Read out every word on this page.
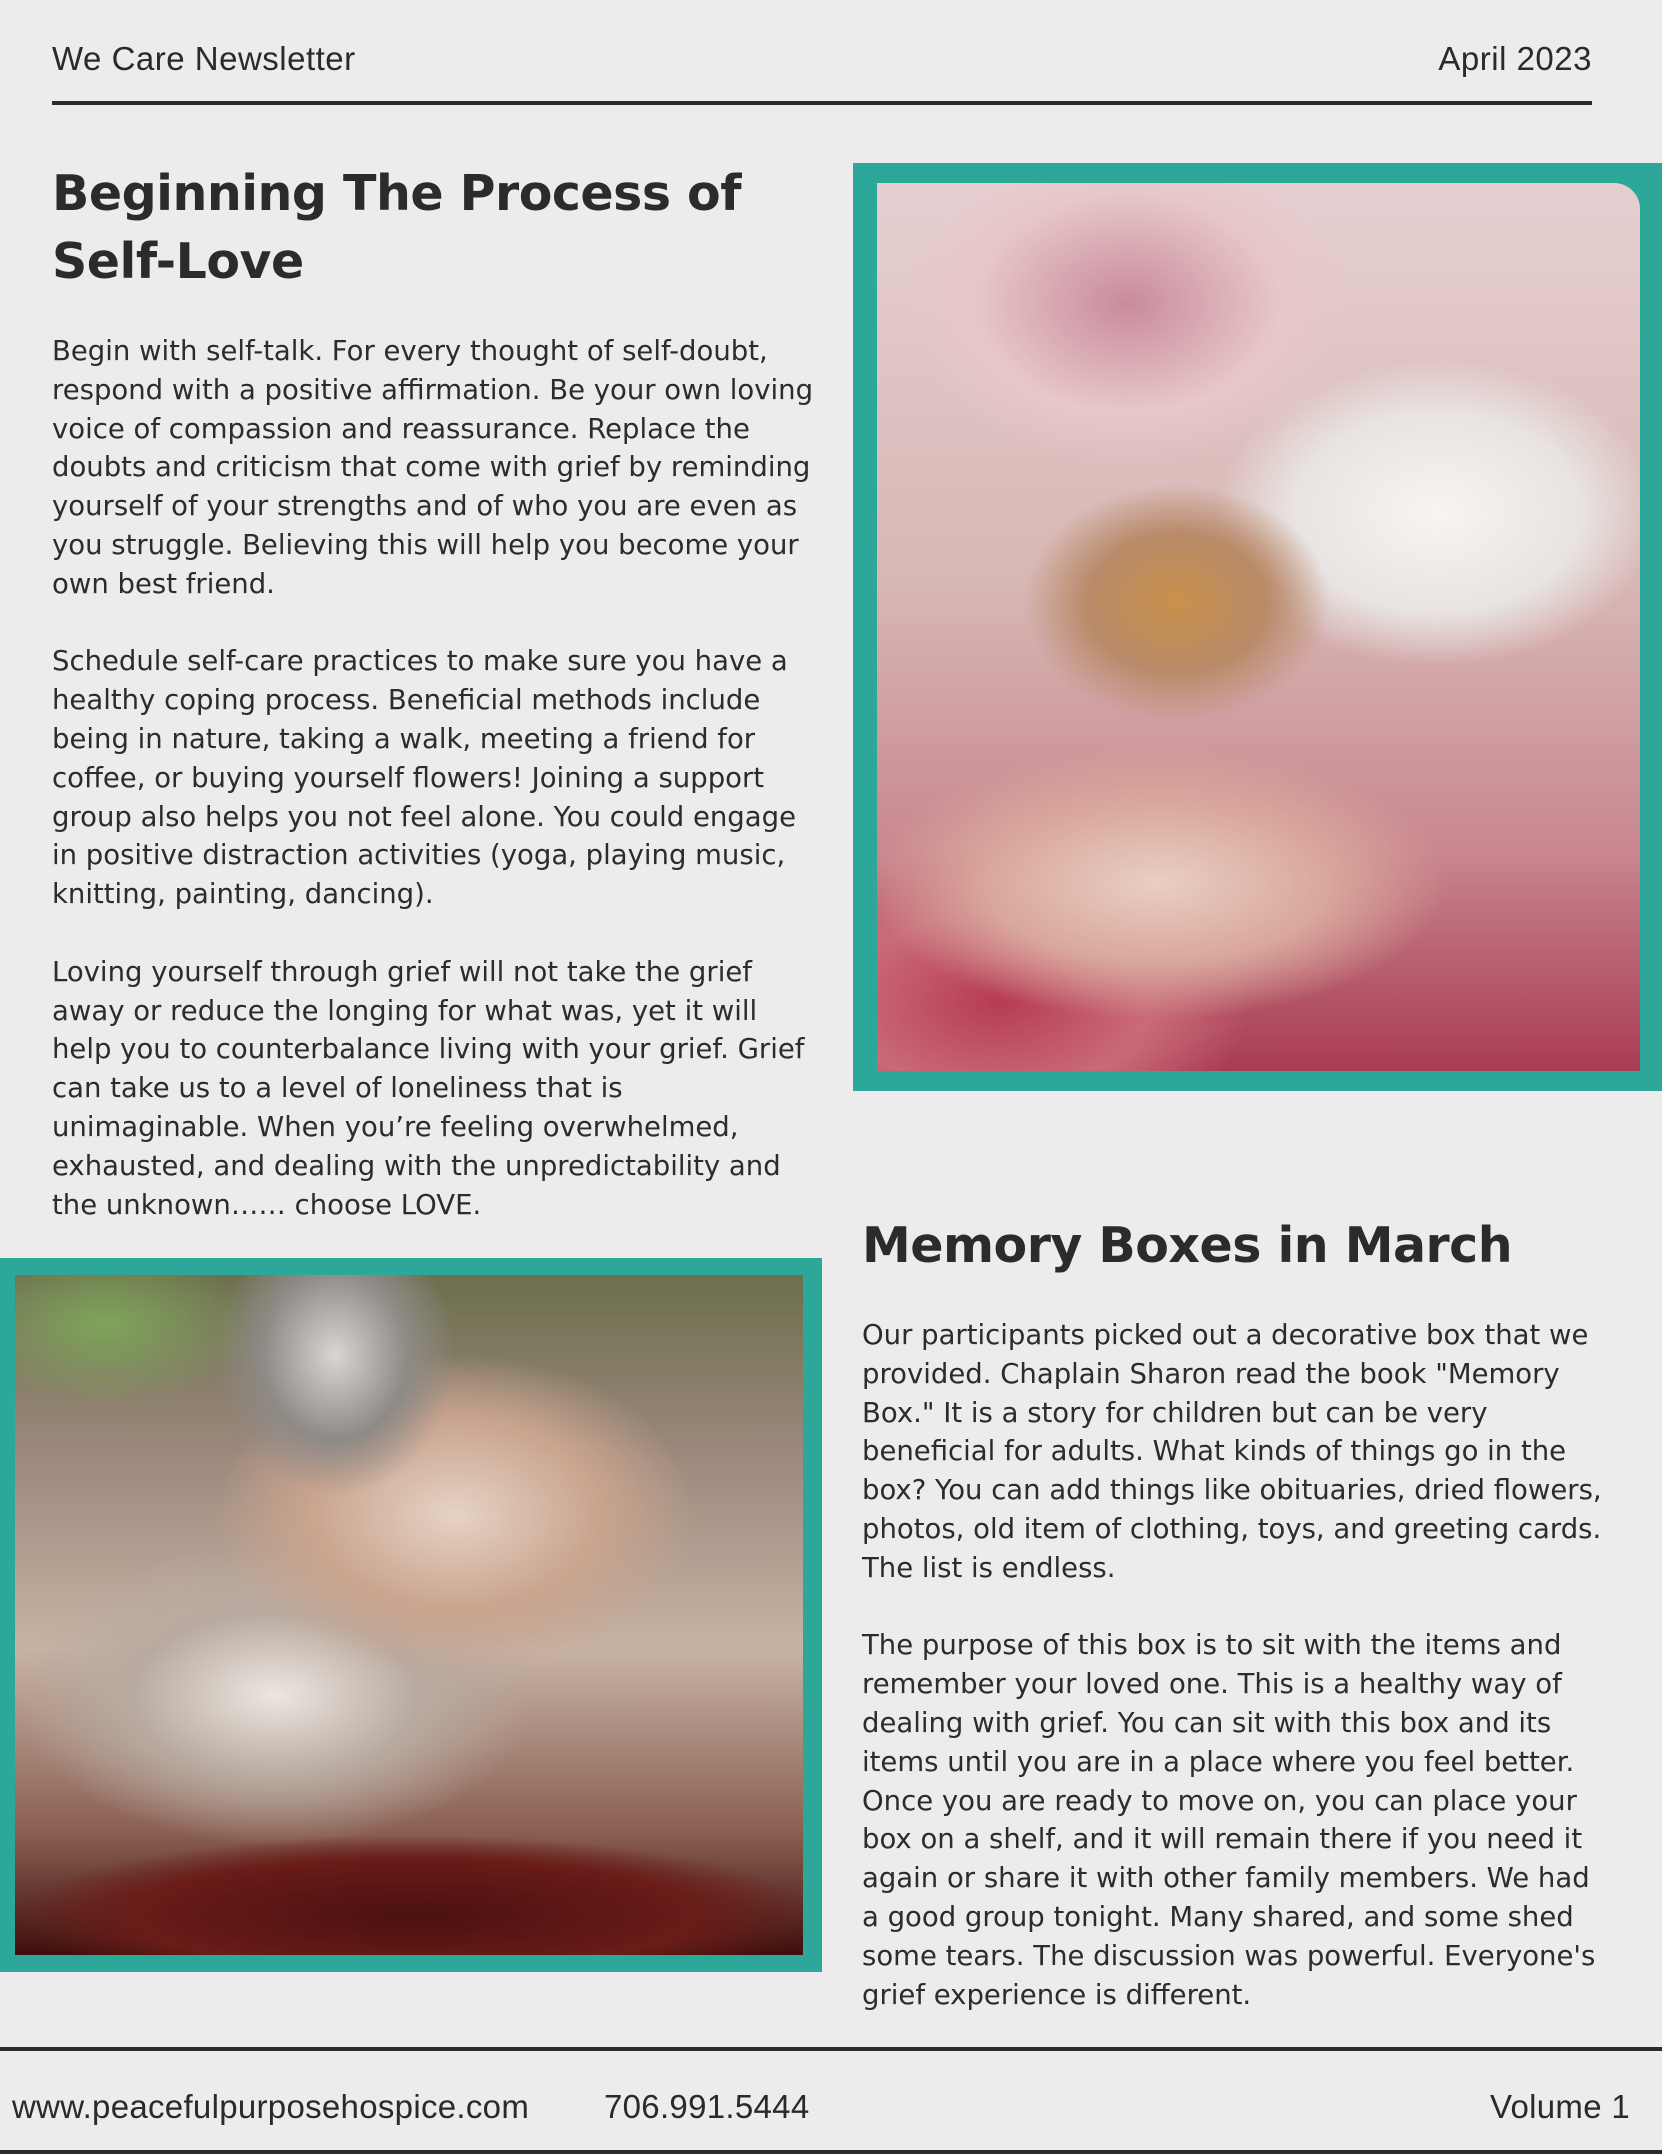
We Care Newsletter	April 2023
Beginning The Process of Self-Love

Begin with self-talk. For every thought of self-doubt, respond with a positive affirmation. Be your own loving voice of compassion and reassurance. Replace the doubts and criticism that come with grief by reminding yourself of your strengths and of who you are even as you struggle. Believing this will help you become your own best friend.

Schedule self-care practices to make sure you have a healthy coping process. Beneficial methods include being in nature, taking a walk, meeting a friend for coffee, or buying yourself flowers! Joining a support group also helps you not feel alone. You could engage in positive distraction activities (yoga, playing music, knitting, painting, dancing).

Loving yourself through grief will not take the grief away or reduce the longing for what was, yet it will help you to counterbalance living with your grief. Grief can take us to a level of loneliness that is unimaginable. When you’re feeling overwhelmed, exhausted, and dealing with the unpredictability and the unknown…… choose LOVE.

Memory Boxes in March

Our participants picked out a decorative box that we provided. Chaplain Sharon read the book "Memory Box." It is a story for children but can be very beneficial for adults. What kinds of things go in the box? You can add things like obituaries, dried flowers, photos, old item of clothing, toys, and greeting cards. The list is endless.

The purpose of this box is to sit with the items and remember your loved one. This is a healthy way of dealing with grief. You can sit with this box and its items until you are in a place where you feel better. Once you are ready to move on, you can place your box on a shelf, and it will remain there if you need it again or share it with other family members. We had a good group tonight. Many shared, and some shed some tears. The discussion was powerful. Everyone's grief experience is different.

www.peacefulpurposehospice.com 706.991.5444	Volume 1
